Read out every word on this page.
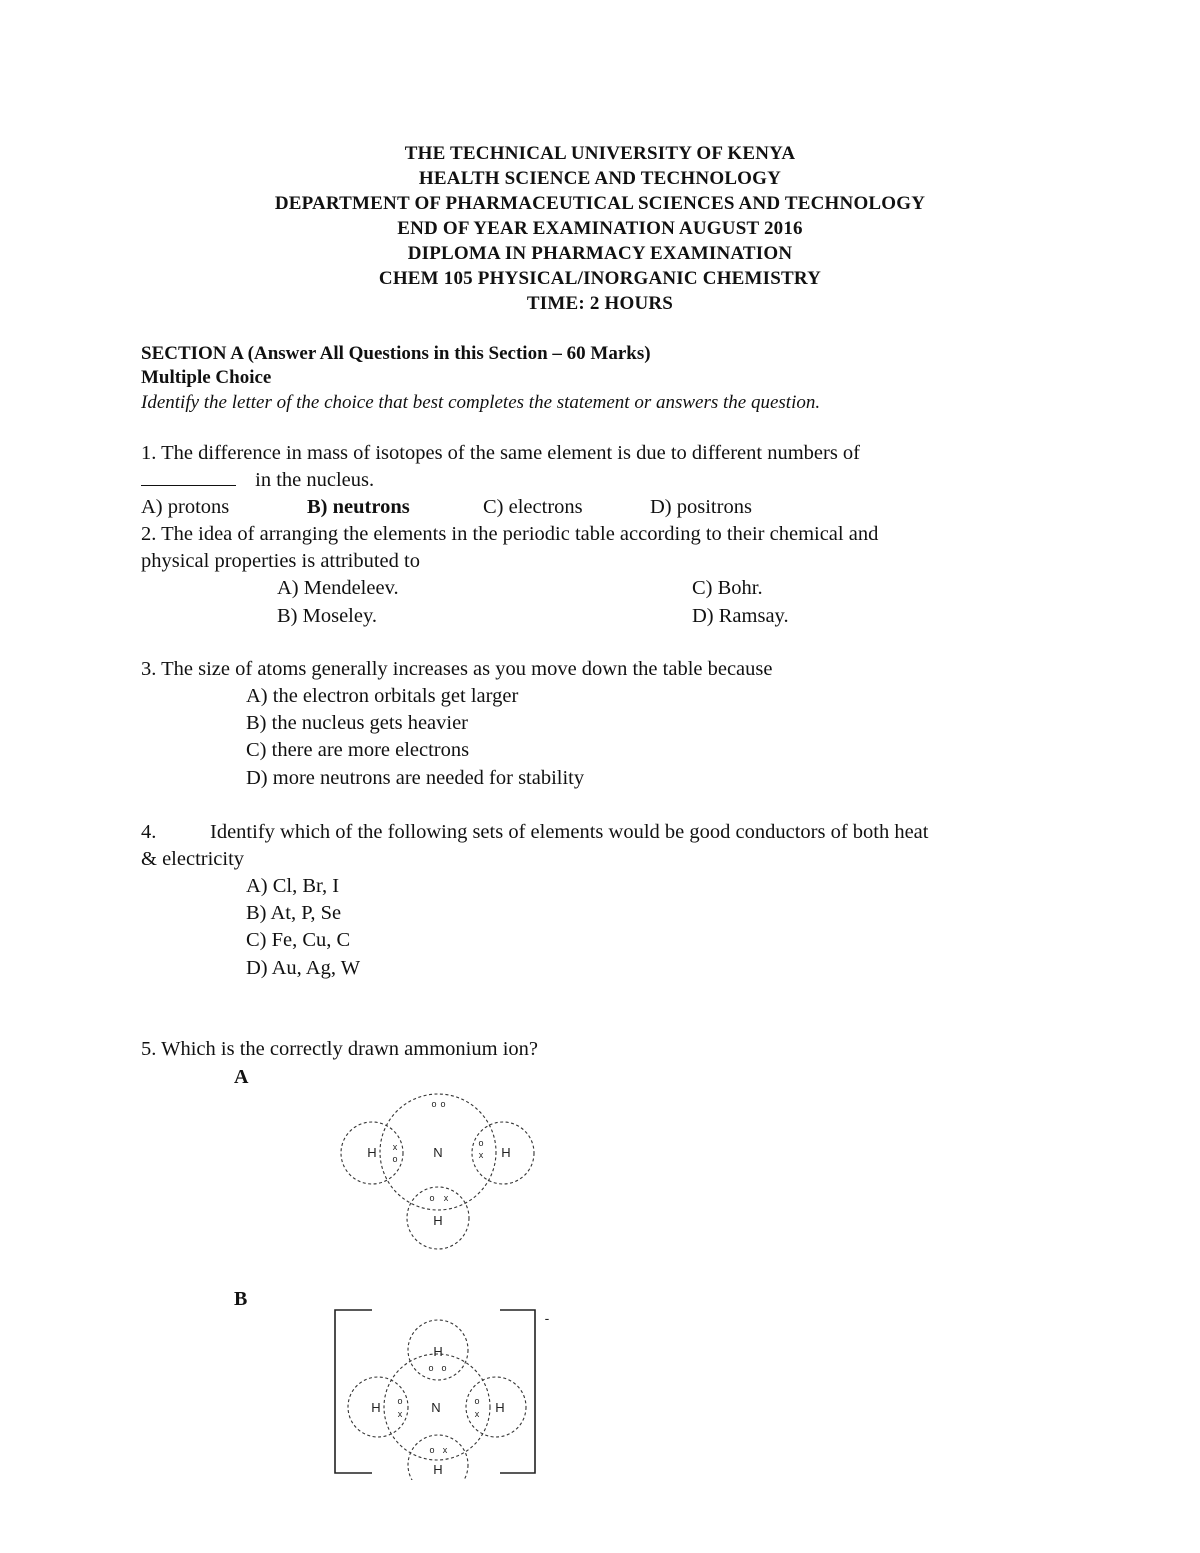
THE TECHNICAL UNIVERSITY OF KENYA
HEALTH SCIENCE AND TECHNOLOGY
DEPARTMENT OF PHARMACEUTICAL SCIENCES AND TECHNOLOGY
END OF YEAR EXAMINATION AUGUST 2016
DIPLOMA IN PHARMACY EXAMINATION
CHEM 105 PHYSICAL/INORGANIC CHEMISTRY
TIME: 2 HOURS
SECTION A (Answer All Questions in this Section – 60 Marks)
Multiple Choice
Identify the letter of the choice that best completes the statement or answers the question.
1. The difference in mass of isotopes of the same element is due to different numbers of
in the nucleus.
A) protons	B) neutrons	C) electrons	D) positrons
2. The idea of arranging the elements in the periodic table according to their chemical and
physical properties is attributed to
A) Mendeleev.
B) Moseley.
C) Bohr.
D) Ramsay.
3. The size of atoms generally increases as you move down the table because
A) the electron orbitals get larger
B) the nucleus gets heavier
C) there are more electrons
D) more neutrons are needed for stability
4.	Identify which of the following sets of elements would be good conductors of both heat
& electricity
A) Cl, Br, I
B) At, P, Se
C) Fe, Cu, C
D) Au, Ag, W
5. Which is the correctly drawn ammonium ion?
A
B
H	N	H
H
x
o
o
x
o x
o o
-
H
H	N	H
H
o o
o
x
o
x
o x
